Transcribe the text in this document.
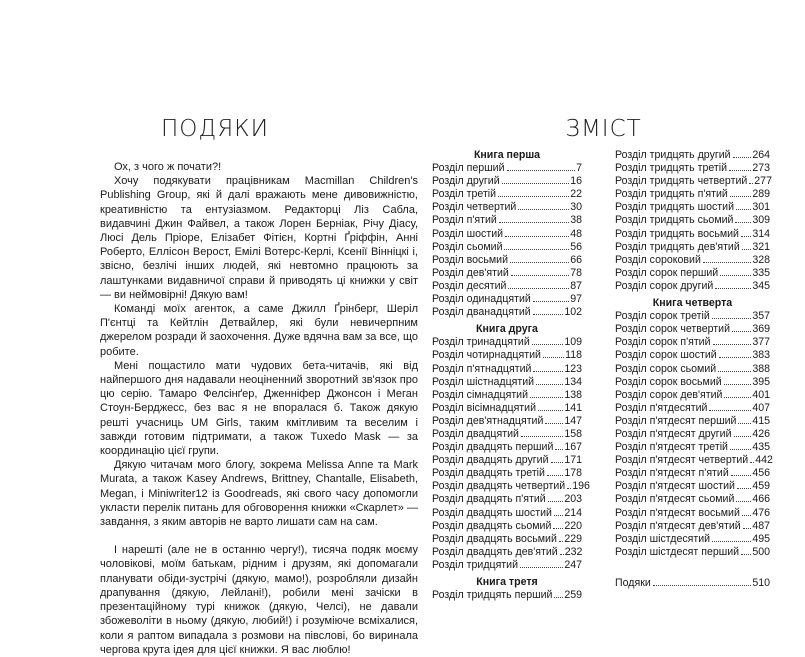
ПОДЯКИ

Ох, з чого ж почати?!

Хочу подякувати працівникам Macmillan Children's Publishing Group, які й далі вражають мене дивовижністю, креативністю та ентузіазмом. Редакторці Ліз Сабла, видавчині Джин Файвел, а також Лорен Берніак, Річу Діасу, Люсі Дель Пріоре, Елізабет Фітієн, Кортні Ґріффін, Анні Роберто, Еллісон Верост, Емілі Вотерс-Керлі, Ксенії Вінніцкі і, звісно, безлічі інших людей, які невтомно працюють за лаштунками видавничої справи й приводять ці книжки у світ — ви неймовірні! Дякую вам!

Команді моїх агенток, а саме Джилл Ґрінберг, Шеріл П'єнтці та Кейтлін Детвайлер, які були невичерпним джерелом розради й заохочення. Дуже вдячна вам за все, що робите.

Мені пощастило мати чудових бета-читачів, які від найпершого дня надавали неоціненний зворотний зв'язок про цю серію. Тамаро Фелсінґер, Дженніфер Джонсон і Меган Стоун-Берджесс, без вас я не впоралася б. Також дякую решті учасниць UM Girls, таким кмітливим та веселим і завжди готовим підтримати, а також Tuxedo Mask — за координацію цієї групи.

Дякую читачам мого блогу, зокрема Melissa Anne та Mark Murata, а також Kasey Andrews, Brittney, Chantalle, Elisabeth, Megan, і Miniwriter12 із Goodreads, які свого часу допомогли укласти перелік питань для обговорення книжки «Скарлет» — завдання, з яким авторів не варто лишати сам на сам.

І нарешті (але не в останню чергу!), тисяча подяк моєму чоловікові, моїм батькам, рідним і друзям, які допомагали планувати обіди-зустрічі (дякую, мамо!), розробляли дизайн драпування (дякую, Лейлані!), робили мені зачіски в презентаційному турі книжок (дякую, Челсі), не давали збожеволіти в ньому (дякую, любий!) і розуміюче всміхалися, коли я раптом випадала з розмови на півслові, бо виринала чергова крута ідея для цієї книжки. Я вас люблю!

ЗМІСТ
Книга перша
Розділ перший	7
Розділ другий	16
Розділ третій	22
Розділ четвертий	30
Розділ п'ятий	38
Розділ шостий	48
Розділ сьомий	56
Розділ восьмий	66
Розділ дев'ятий	78
Розділ десятий	87
Розділ одинадцятий	97
Розділ дванадцятий	102
Книга друга
Розділ тринадцятий	109
Розділ чотирнадцятий 118
Розділ п'ятнадцятий	123
Розділ шістнадцятий	134
Розділ сімнадцятий	138
Розділ вісімнадцятий	141
Розділ дев'ятнадцятий 147
Розділ двадцятий	158
Розділ двадцять перший 167
Розділ двадцять другий 171
Розділ двадцять третій 178
Розділ двадцять четвертий 196
Розділ двадцять п'ятий 203
Розділ двадцять шостий 214
Розділ двадцять сьомий 220
Розділ двадцять восьмий 229
Розділ двадцять дев'ятий 232
Розділ тридцятий	247
Книга третя
Розділ тридцять перший 259
Розділ тридцять другий 264
Розділ тридцять третій 273
Розділ тридцять четвертий 277
Розділ тридцять п'ятий 289
Розділ тридцять шостий 301
Розділ тридцять сьомий 309
Розділ тридцять восьмий 314
Розділ тридцять дев'ятий 321
Розділ сороковий	328
Розділ сорок перший	335
Розділ сорок другий	345
Книга четверта
Розділ сорок третій	357
Розділ сорок четвертий 369
Розділ сорок п'ятий	377
Розділ сорок шостий	383
Розділ сорок сьомий	388
Розділ сорок восьмий	395
Розділ сорок дев'ятий	401
Розділ п'ятдесятий	407
Розділ п'ятдесят перший 415
Розділ п'ятдесят другий 426
Розділ п'ятдесят третій 435
Розділ п'ятдесят четвертий 442
Розділ п'ятдесят п'ятий 456
Розділ п'ятдесят шостий 459
Розділ п'ятдесят сьомий 466
Розділ п'ятдесят восьмий 476
Розділ п'ятдесят дев'ятий 487
Розділ шістдесятий	495
Розділ шістдесят перший 500
Подяки	510
